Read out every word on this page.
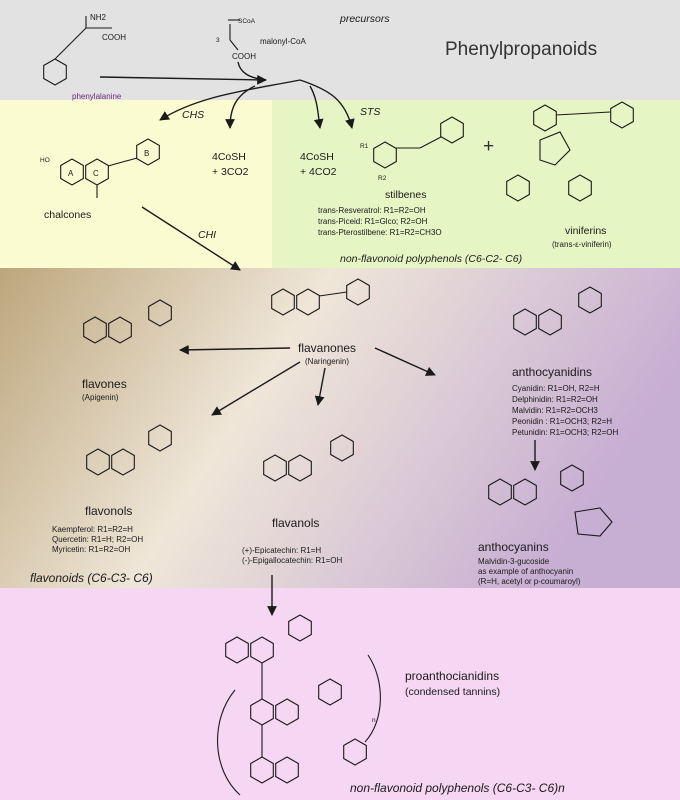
Phenylpropanoids
precursors
NH2
COOH
phenylalanine
SCoA
3
COOH
malonyl-CoA
CHS	STS
A C
B
HO
chalcones
4CoSH
+ 3CO2
CHI
4CoSH
+ 4CO2
R1
R2
stilbenes
trans-Resveratrol: R1=R2=OH
trans-Piceid: R1=Glco; R2=OH
trans-Pterostilbene: R1=R2=CH3O
+
viniferins
(trans-ε-viniferin)
non-flavonoid polyphenols (C6-C2- C6)
flavanones
(Naringenin)
flavones
(Apigenin)
flavonols
Kaempferol: R1=R2=H
Quercetin: R1=H; R2=OH
Myricetin: R1=R2=OH
flavonoids (C6-C3- C6)
flavanols
(+)-Epicatechin: R1=H
(-)-Epigallocatechin: R1=OH
anthocyanidins
Cyanidin: R1=OH, R2=H
Delphinidin: R1=R2=OH
Malvidin: R1=R2=OCH3
Peonidin : R1=OCH3; R2=H
Petunidin: R1=OCH3; R2=OH
anthocyanins
Malvidin-3-gucoside
as example of anthocyanin
(R=H, acetyl or p-coumaroyl)
n
proanthocianidins
(condensed tannins)
non-flavonoid polyphenols (C6-C3- C6)n
